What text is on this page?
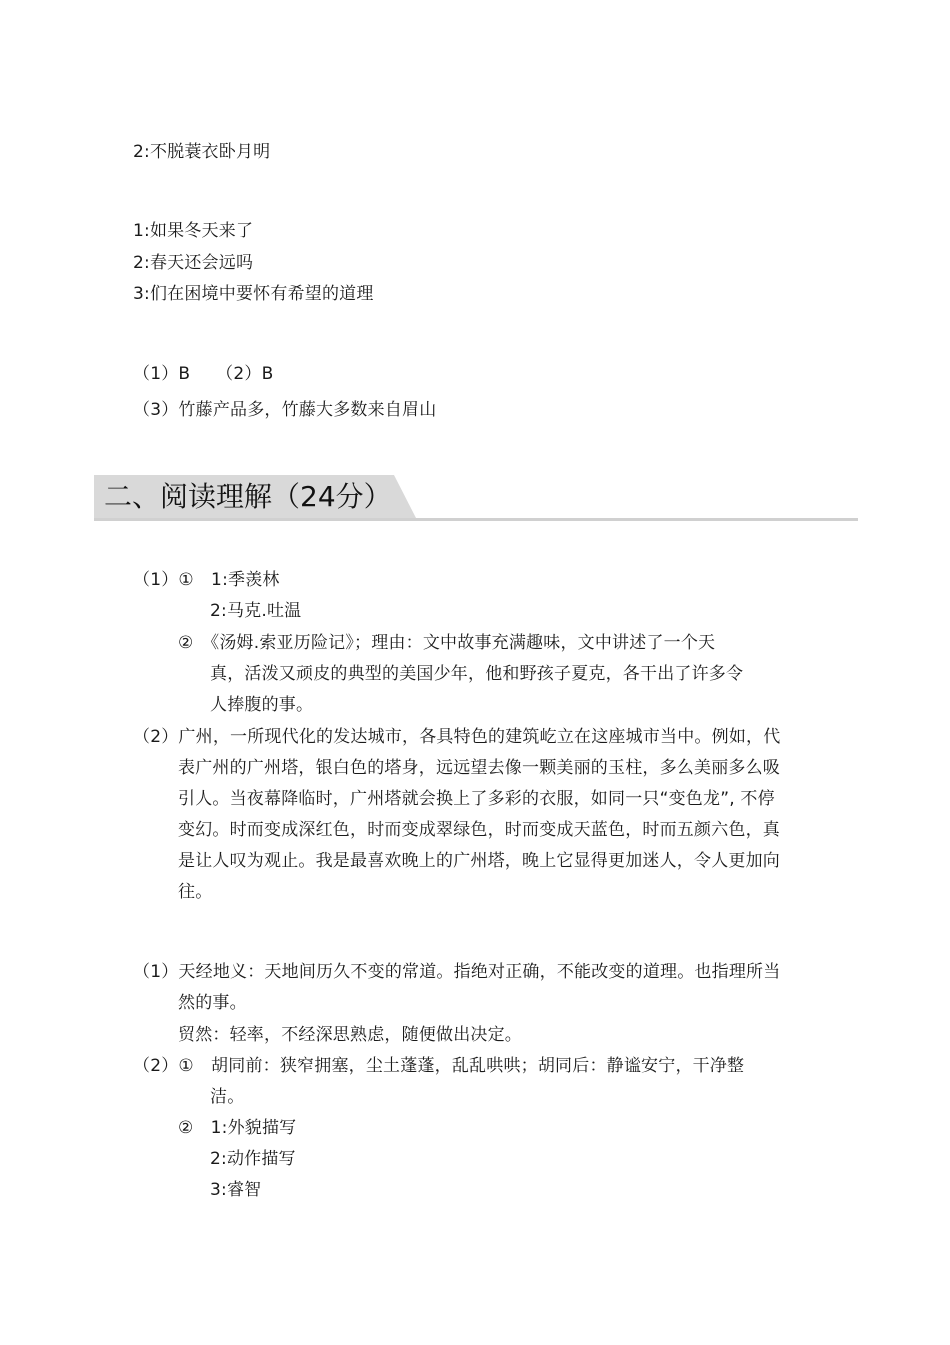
2:不脱蓑衣卧月明
1:如果冬天来了
2:春天还会远吗
3:们在困境中要怀有希望的道理
（1）B　　（2）B
（3）竹藤产品多，竹藤大多数来自眉山
二、阅读理解（24分）
（1）①　1:季羡林
2:马克.吐温
②　《汤姆.索亚历险记》；理由：文中故事充满趣味，文中讲述了一个天
真，活泼又顽皮的典型的美国少年，他和野孩子夏克，各干出了许多令
人捧腹的事。
（2）广州，一所现代化的发达城市，各具特色的建筑屹立在这座城市当中。例如，代
表广州的广州塔，银白色的塔身，远远望去像一颗美丽的玉柱，多么美丽多么吸
引人。当夜幕降临时，广州塔就会换上了多彩的衣服，如同一只“变色龙”, 不停
变幻。时而变成深红色，时而变成翠绿色，时而变成天蓝色，时而五颜六色，真
是让人叹为观止。我是最喜欢晚上的广州塔，晚上它显得更加迷人，令人更加向
往。
（1）天经地义：天地间历久不变的常道。指绝对正确，不能改变的道理。也指理所当
然的事。
贸然：轻率，不经深思熟虑，随便做出决定。
（2）①　胡同前：狭窄拥塞，尘土蓬蓬，乱乱哄哄；胡同后：静谧安宁，干净整
洁。
②　1:外貌描写
2:动作描写
3:睿智
